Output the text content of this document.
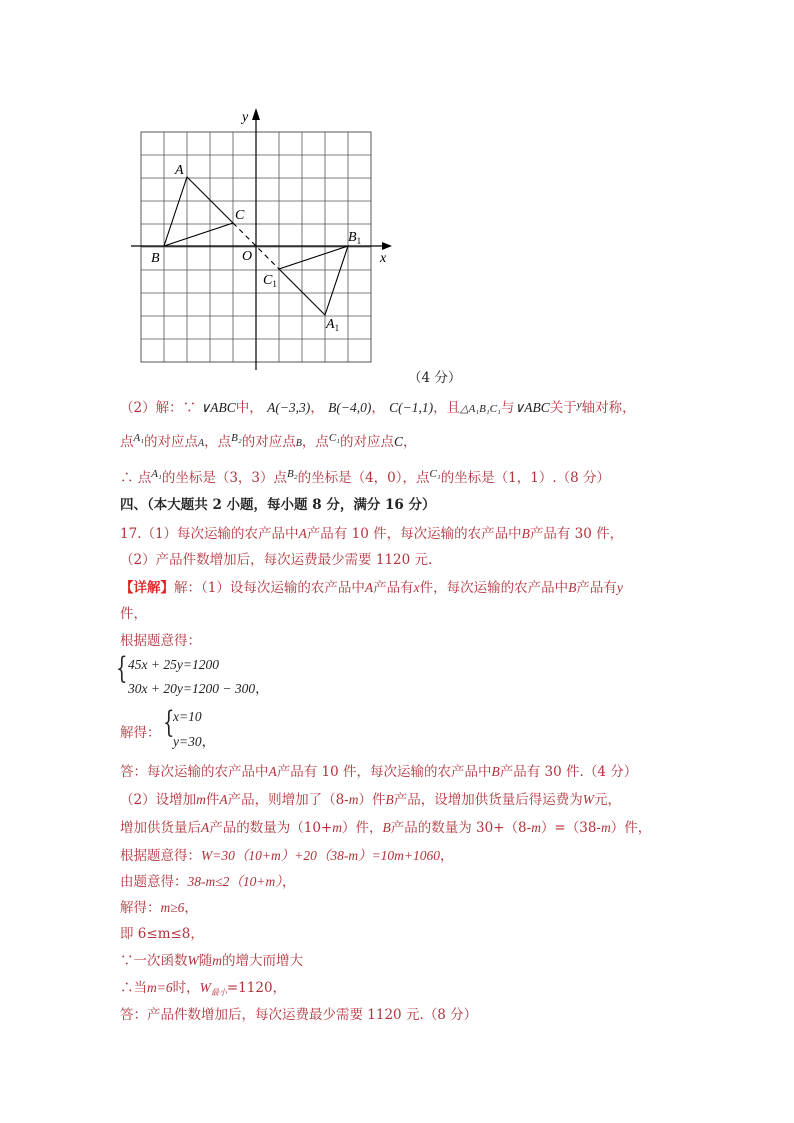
y
x
O
A
B
C
$B_1$
$C_1$
$A_1$
（4 分）
（2）解：∵ ∨ABC中， A(−3,3)， B(−4,0)， C(−1,1)，且△A₁B₁C₁与∨ABC关于$^y$轴对称，
点$^{A_1}$的对应点A，点$^{B_2}$的对应点B，点$^{C_1}$的对应点C，
∴ 点$^{A_1}$的坐标是（3，3）点$^{B_2}$的坐标是（4，0），点$^{C_1}$的坐标是（1，1）.（8 分）
四、（本大题共 2 小题，每小题 8 分，满分 16 分）
17.（1）每次运输的农产品中A产品有 10 件，每次运输的农产品中B产品有 30 件，
（2）产品件数增加后，每次运费最少需要 1120 元.
【详解】解：（1）设每次运输的农产品中A产品有x件，每次运输的农产品中B产品有y
件，
根据题意得：
{ 45x + 25y=1200
30x + 20y=1200 − 300，
解得： {
x=10
y=30，
答：每次运输的农产品中A产品有 10 件，每次运输的农产品中B产品有 30 件.（4 分）
（2）设增加m件A产品，则增加了（8-m）件B产品，设增加供货量后得运费为W元，
增加供货量后A产品的数量为（10+m）件，B产品的数量为 30+（8-m）=（38-m）件，
根据题意得：W=30（10+m）+20（38-m）=10m+1060，
由题意得：38-m≤2（10+m），
解得：m≥6，
即 6≤m≤8，
∵一次函数W随m的增大而增大
∴当m=6时，$W_{最小}=1120$，
答：产品件数增加后，每次运费最少需要 1120 元.（8 分）
